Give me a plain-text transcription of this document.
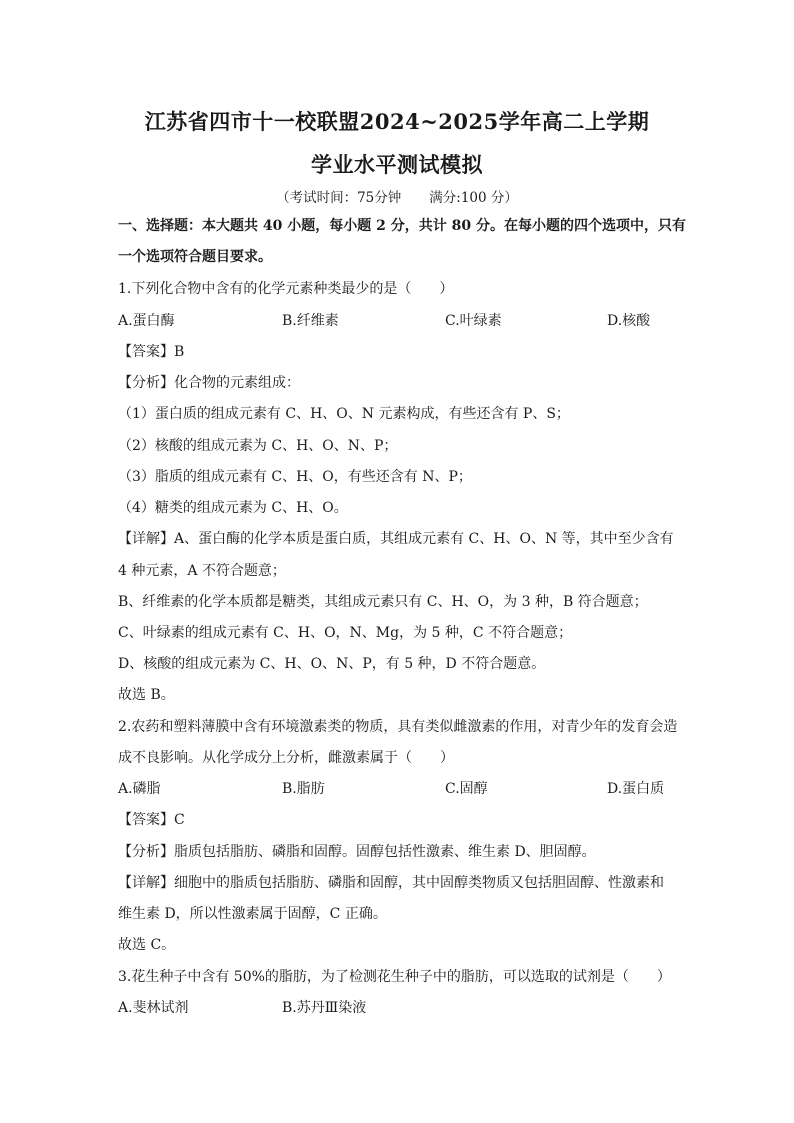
江苏省四市十一校联盟2024~2025学年高二上学期
学业水平测试模拟
（考试时间：75分钟 满分:100 分）
一、选择题：本大题共 40 小题，每小题 2 分，共计 80 分。在每小题的四个选项中，只有
一个选项符合题目要求。
1.下列化合物中含有的化学元素种类最少的是（　　）
A.蛋白酶	B.纤维素	C.叶绿素	D.核酸
【答案】B
【分析】化合物的元素组成：
（1）蛋白质的组成元素有 C、H、O、N 元素构成，有些还含有 P、S；
（2）核酸的组成元素为 C、H、O、N、P；
（3）脂质的组成元素有 C、H、O，有些还含有 N、P；
（4）糖类的组成元素为 C、H、O。
【详解】A、蛋白酶的化学本质是蛋白质，其组成元素有 C、H、O、N 等，其中至少含有
4 种元素，A 不符合题意；
B、纤维素的化学本质都是糖类，其组成元素只有 C、H、O，为 3 种，B 符合题意；
C、叶绿素的组成元素有 C、H、O，N、Mg，为 5 种，C 不符合题意；
D、核酸的组成元素为 C、H、O、N、P，有 5 种，D 不符合题意。
故选 B。
2.农药和塑料薄膜中含有环境激素类的物质，具有类似雌激素的作用，对青少年的发育会造
成不良影响。从化学成分上分析，雌激素属于（　　）
A.磷脂	B.脂肪	C.固醇	D.蛋白质
【答案】C
【分析】脂质包括脂肪、磷脂和固醇。固醇包括性激素、维生素 D、胆固醇。
【详解】细胞中的脂质包括脂肪、磷脂和固醇，其中固醇类物质又包括胆固醇、性激素和
维生素 D，所以性激素属于固醇，C 正确。
故选 C。
3.花生种子中含有 50%的脂肪，为了检测花生种子中的脂肪，可以选取的试剂是（　　）
A.斐林试剂	B.苏丹Ⅲ染液
